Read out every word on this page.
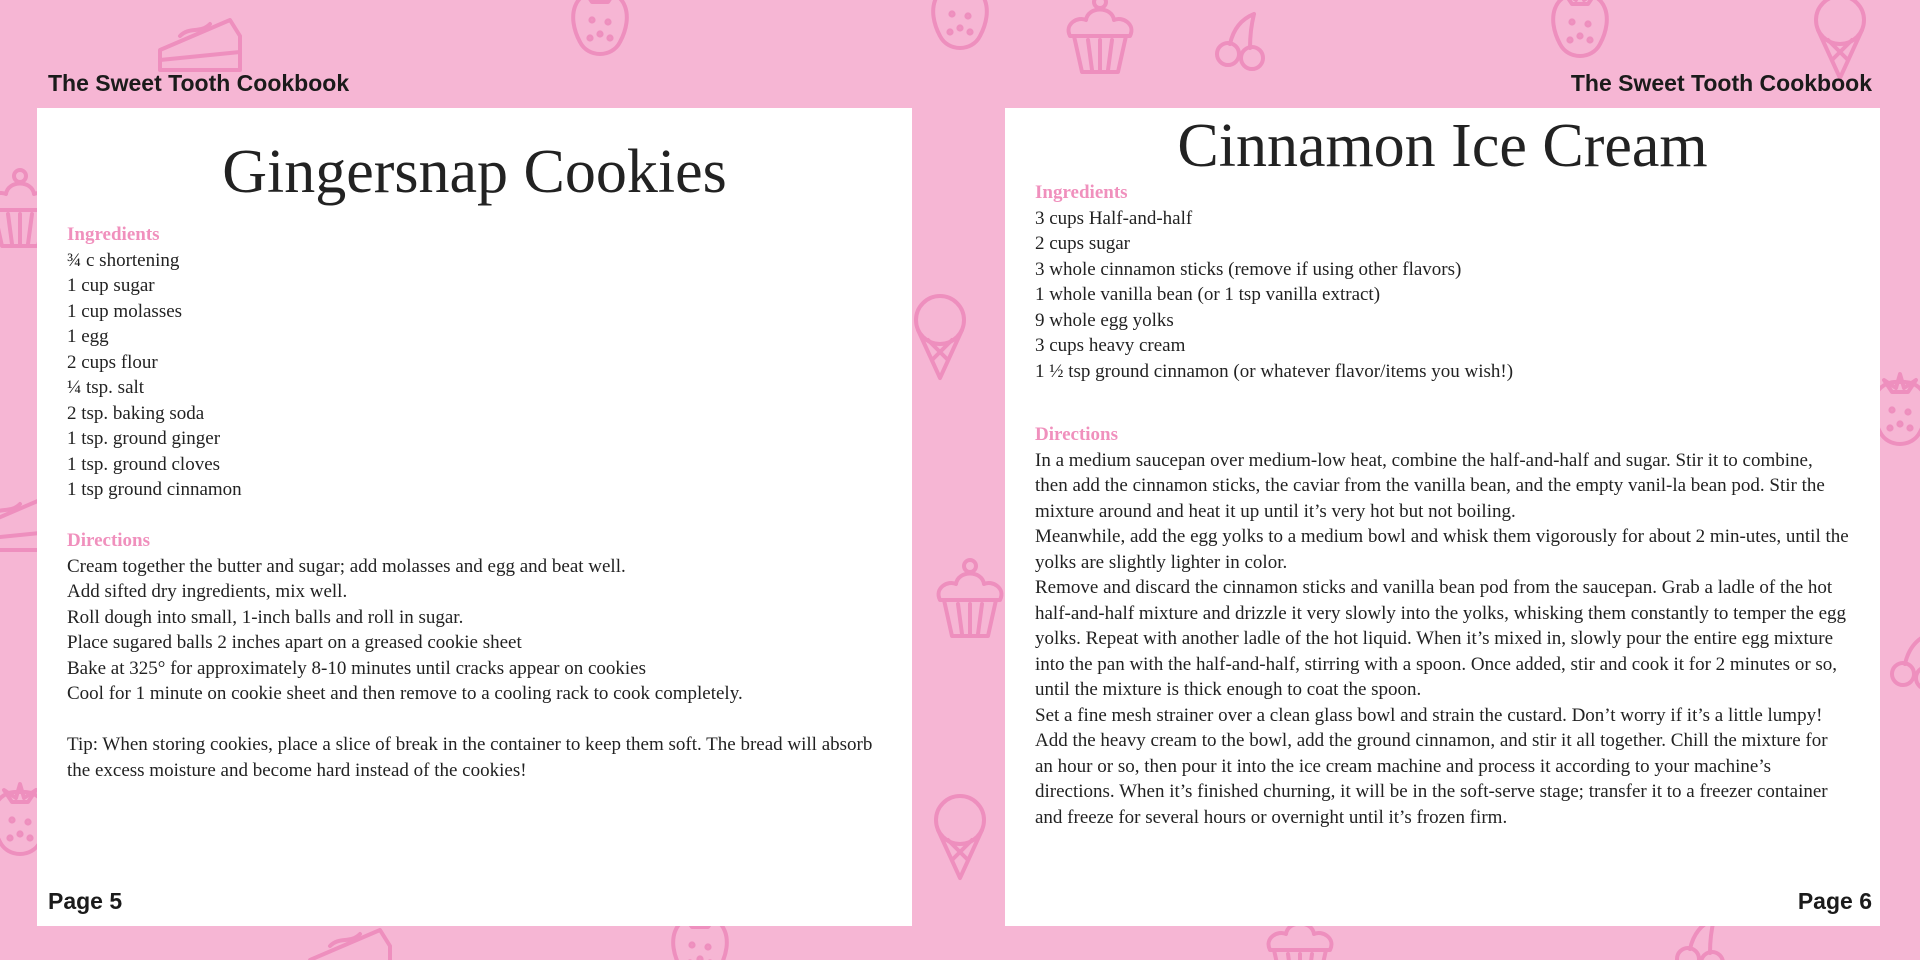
The Sweet Tooth Cookbook
Gingersnap Cookies
Ingredients
¾ c shortening
1 cup sugar
1 cup molasses
1 egg
2 cups flour
¼ tsp. salt
2 tsp. baking soda
1 tsp. ground ginger
1 tsp. ground cloves
1 tsp ground cinnamon
Directions

Cream together the butter and sugar; add molasses and egg and beat well.

Add sifted dry ingredients, mix well.

Roll dough into small, 1-inch balls and roll in sugar.

Place sugared balls 2 inches apart on a greased cookie sheet

Bake at 325° for approximately 8-10 minutes until cracks appear on cookies

Cool for 1 minute on cookie sheet and then remove to a cooling rack to cook completely.

Tip: When storing cookies, place a slice of break in the container to keep them soft. The bread will absorb the excess moisture and become hard instead of the cookies!

Page 5
The Sweet Tooth Cookbook
Cinnamon Ice Cream
Ingredients
3 cups Half-and-half
2 cups sugar
3 whole cinnamon sticks (remove if using other flavors)
1 whole vanilla bean (or 1 tsp vanilla extract)
9 whole egg yolks
3 cups heavy cream
1 ½ tsp ground cinnamon (or whatever flavor/items you wish!)
Directions

In a medium saucepan over medium-low heat, combine the half-and-half and sugar. Stir it to combine, then add the cinnamon sticks, the caviar from the vanilla bean, and the empty vanil-la bean pod. Stir the mixture around and heat it up until it’s very hot but not boiling.

Meanwhile, add the egg yolks to a medium bowl and whisk them vigorously for about 2 min-utes, until the yolks are slightly lighter in color.

Remove and discard the cinnamon sticks and vanilla bean pod from the saucepan. Grab a ladle of the hot half-and-half mixture and drizzle it very slowly into the yolks, whisking them constantly to temper the egg yolks. Repeat with another ladle of the hot liquid. When it’s mixed in, slowly pour the entire egg mixture into the pan with the half-and-half, stirring with a spoon. Once added, stir and cook it for 2 minutes or so, until the mixture is thick enough to coat the spoon.

Set a fine mesh strainer over a clean glass bowl and strain the custard. Don’t worry if it’s a little lumpy!

Add the heavy cream to the bowl, add the ground cinnamon, and stir it all together. Chill the mixture for an hour or so, then pour it into the ice cream machine and process it according to your machine’s directions. When it’s finished churning, it will be in the soft-serve stage; transfer it to a freezer container and freeze for several hours or overnight until it’s frozen firm.

Page 6
